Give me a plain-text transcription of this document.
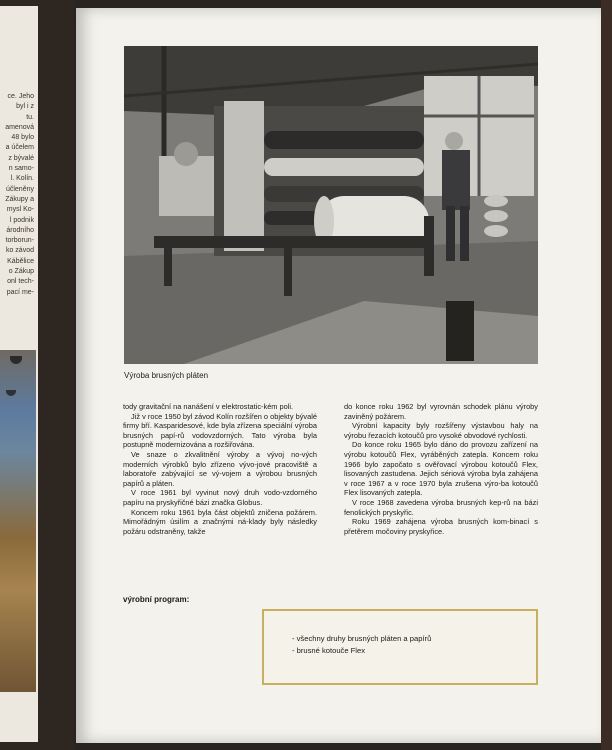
ce. Jeho
byl i z
tu.
amenová
48 bylo
a účelem
z bývalé
n samo-
l. Kolín.
účleněny
Zákupy a
mysl Ko-
l podnik
árodního
torborun-
ko závod
Kábělice
o Zákup
onl tech-
pací me-
Výroba brusných pláten

tody gravitační na nanášení v elektrostatic-kém poli.

Již v roce 1950 byl závod Kolín rozšířen o objekty bývalé firmy bří. Kasparidesové, kde byla zřízena speciální výroba brusných papí-rů vodovzdorných. Tato výroba byla postupně modernizována a rozšiřována.

Ve snaze o zkvalitnění výroby a vývoj no-vých moderních výrobků bylo zřízeno vývo-jové pracoviště a laboratoře zabývající se vý-vojem a výrobou brusných papírů a pláten.

V roce 1961 byl vyvinut nový druh vodo-vzdorného papíru na pryskyřičné bázi značka Globus.

Koncem roku 1961 byla část objektů zničena požárem. Mimořádným úsilím a značnými ná-klady byly následky požáru odstraněny, takže

do konce roku 1962 byl vyrovnán schodek plánu výroby zaviněný požárem.

Výrobní kapacity byly rozšířeny výstavbou haly na výrobu řezacích kotoučů pro vysoké obvodové rychlosti.

Do konce roku 1965 bylo dáno do provozu zařízení na výrobu kotoučů Flex, vyráběných zatepla. Koncem roku 1966 bylo započato s ověřovací výrobou kotoučů Flex, lisovaných zastudena. Jejich sériová výroba byla zahájena v roce 1967 a v roce 1970 byla zrušena výro-ba kotoučů Flex lisovaných zatepla.

V roce 1968 zavedena výroba brusných kep-rů na bázi fenolických pryskyřic.

Roku 1969 zahájena výroba brusných kom-binací s přetěrem močoviny pryskyřice.

výrobní program:
- všechny druhy brusných pláten a papírů
- brusné kotouče Flex
